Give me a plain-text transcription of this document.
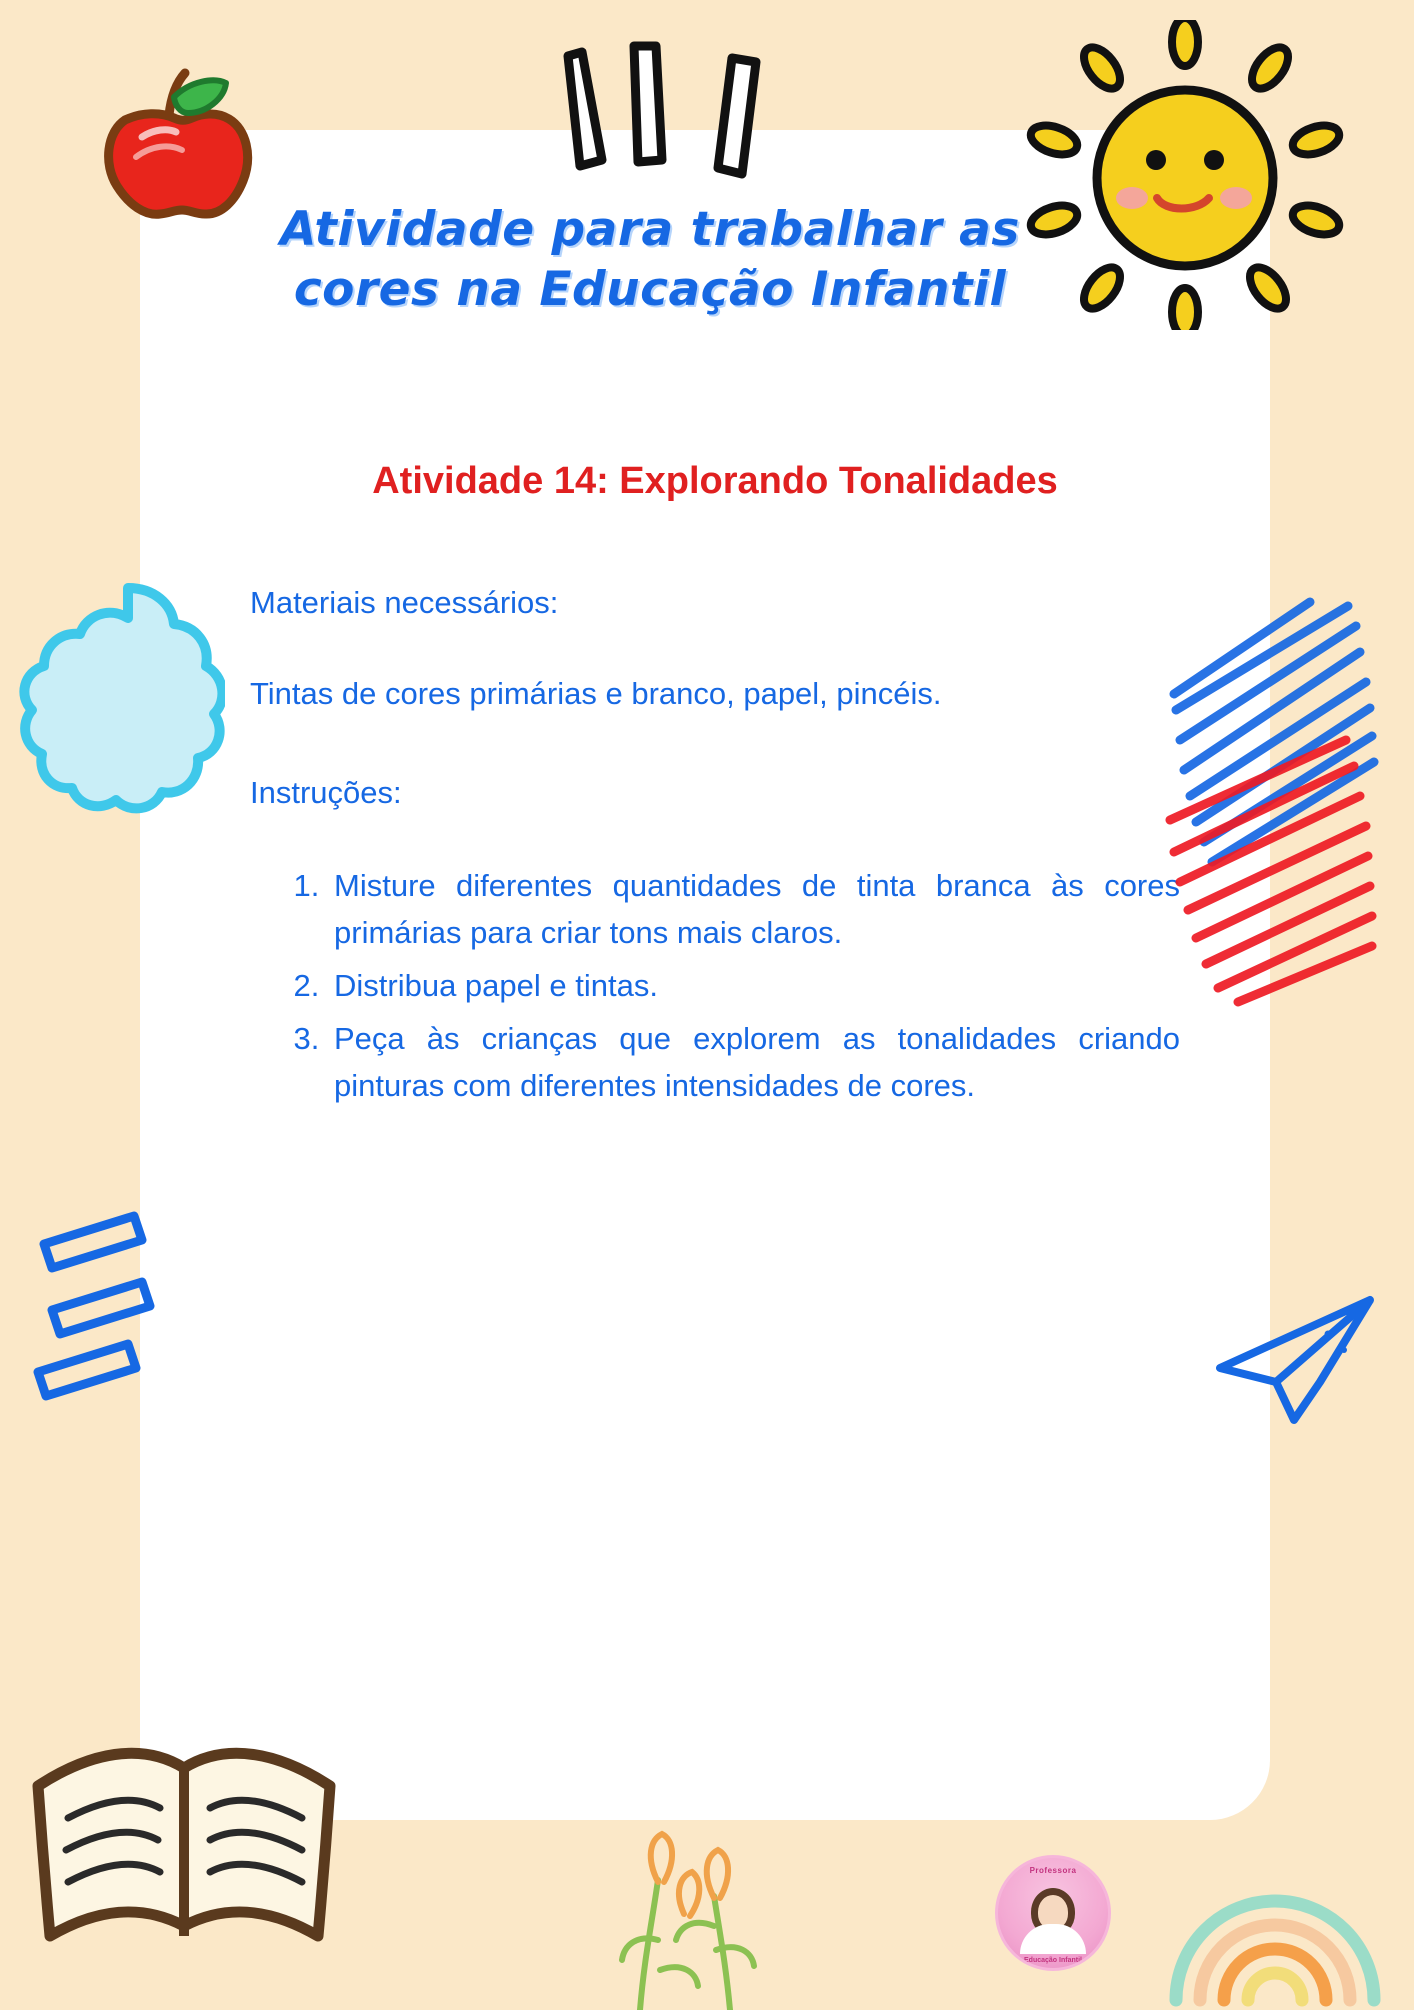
Professora
Educação Infantil
Atividade para trabalhar as
cores na Educação Infantil
Atividade 14: Explorando Tonalidades

Materiais necessários:

Tintas de cores primárias e branco, papel, pincéis.

Instruções:

1. Misture diferentes quantidades de tinta branca às cores primárias para criar tons mais claros.
2. Distribua papel e tintas.
3. Peça às crianças que explorem as tonalidades criando pinturas com diferentes intensidades de cores.
